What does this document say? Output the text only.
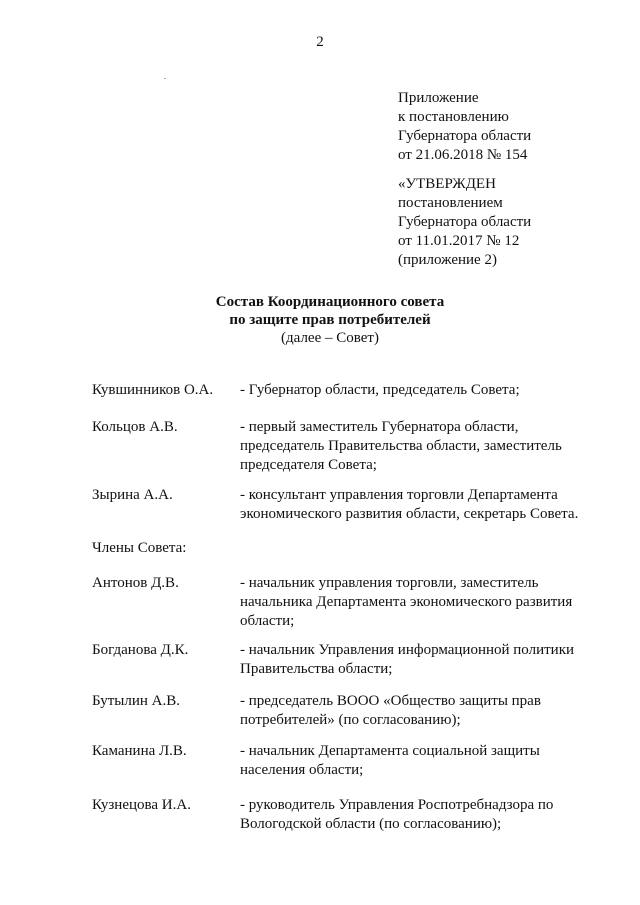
2
Приложение
к постановлению
Губернатора области
от 21.06.2018 № 154
«УТВЕРЖДЕН
постановлением
Губернатора области
от 11.01.2017 № 12
(приложение 2)
Состав Координационного совета
по защите прав потребителей
(далее – Совет)
Кувшинников О.А. - Губернатор области, председатель Совета;
Кольцов А.В.	- первый заместитель Губернатора области,
председатель Правительства области, заместитель
председателя Совета;
Зырина А.А.	- консультант управления торговли Департамента
экономического развития области, секретарь Совета.
Члены Совета:
Антонов Д.В.	- начальник управления торговли, заместитель
начальника Департамента экономического развития
области;
Богданова Д.К.	- начальник Управления информационной политики
Правительства области;
Бутылин А.В.	- председатель ВООО «Общество защиты прав
потребителей» (по согласованию);
Каманина Л.В.	- начальник Департамента социальной защиты
населения области;
Кузнецова И.А.	- руководитель Управления Роспотребнадзора по
Вологодской области (по согласованию);
